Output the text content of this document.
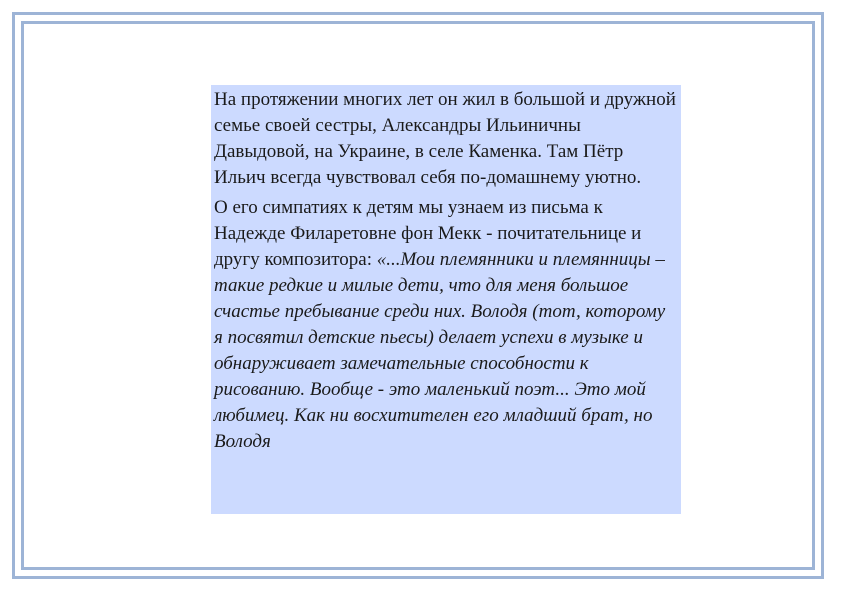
На протяжении многих лет он жил в большой и дружной семье своей сестры, Александры Ильиничны Давыдовой, на Украине, в селе Каменка. Там Пётр Ильич всегда чувствовал себя по-домашнему уютно.

О его симпатиях к детям мы узнаем из письма к Надежде Филаретовне фон Мекк - почитательнице и другу композитора: «...Мои племянники и племянницы – такие редкие и милые дети, что для меня большое счастье пребывание среди них. Володя (тот, которому я посвятил детские пьесы) делает успехи в музыке и обнаруживает замечательные способности к рисованию. Вообще - это маленький поэт... Это мой любимец. Как ни восхитителен его младший брат, но Володя
